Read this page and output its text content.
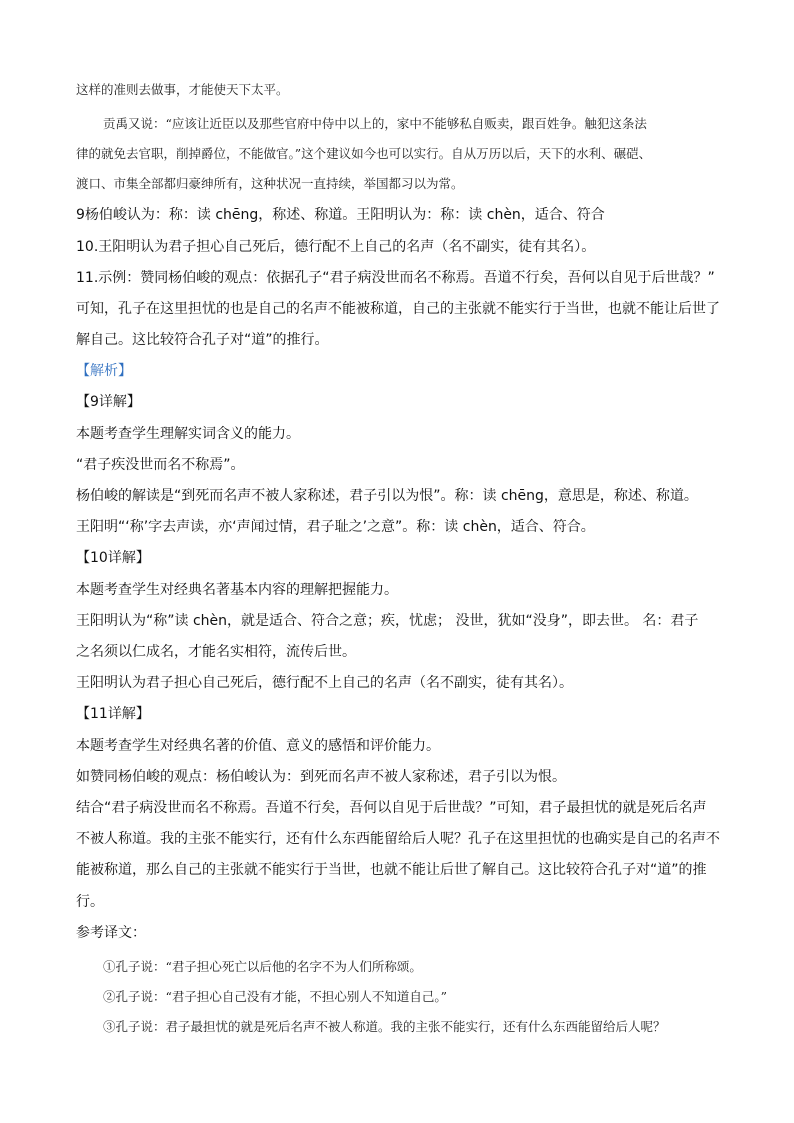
这样的准则去做事，才能使天下太平。
贡禹又说：“应该让近臣以及那些官府中侍中以上的，家中不能够私自贩卖，跟百姓争。触犯这条法
律的就免去官职，削掉爵位，不能做官。”这个建议如今也可以实行。自从万历以后，天下的水利、碾硙、
渡口、市集全部都归豪绅所有，这种状况一直持续，举国都习以为常。
9杨伯峻认为：称：读 chēng，称述、称道。王阳明认为：称：读 chèn，适合、符合
10.王阳明认为君子担心自己死后，德行配不上自己的名声（名不副实，徒有其名）。
11.示例：赞同杨伯峻的观点：依据孔子“君子病没世而名不称焉。吾道不行矣，吾何以自见于后世哉？”
可知，孔子在这里担忧的也是自己的名声不能被称道，自己的主张就不能实行于当世，也就不能让后世了
解自己。这比较符合孔子对“道”的推行。
【解析】
【9详解】
本题考查学生理解实词含义的能力。
“君子疾没世而名不称焉”。
杨伯峻的解读是“到死而名声不被人家称述，君子引以为恨”。称：读 chēng，意思是，称述、称道。
王阳明“‘称’字去声读，亦‘声闻过情，君子耻之’之意”。称：读 chèn，适合、符合。
【10详解】
本题考查学生对经典名著基本内容的理解把握能力。
王阳明认为“称”读 chèn，就是适合、符合之意；疾，忧虑； 没世，犹如“没身”，即去世。 名：君子
之名须以仁成名，才能名实相符，流传后世。
王阳明认为君子担心自己死后，德行配不上自己的名声（名不副实，徒有其名）。
【11详解】
本题考查学生对经典名著的价值、意义的感悟和评价能力。
如赞同杨伯峻的观点：杨伯峻认为：到死而名声不被人家称述，君子引以为恨。
结合“君子病没世而名不称焉。吾道不行矣，吾何以自见于后世哉？”可知，君子最担忧的就是死后名声
不被人称道。我的主张不能实行，还有什么东西能留给后人呢？孔子在这里担忧的也确实是自己的名声不
能被称道，那么自己的主张就不能实行于当世，也就不能让后世了解自己。这比较符合孔子对“道”的推
行。
参考译文：
①孔子说：“君子担心死亡以后他的名字不为人们所称颂。
②孔子说：“君子担心自己没有才能，不担心别人不知道自己。”
③孔子说：君子最担忧的就是死后名声不被人称道。我的主张不能实行，还有什么东西能留给后人呢？
